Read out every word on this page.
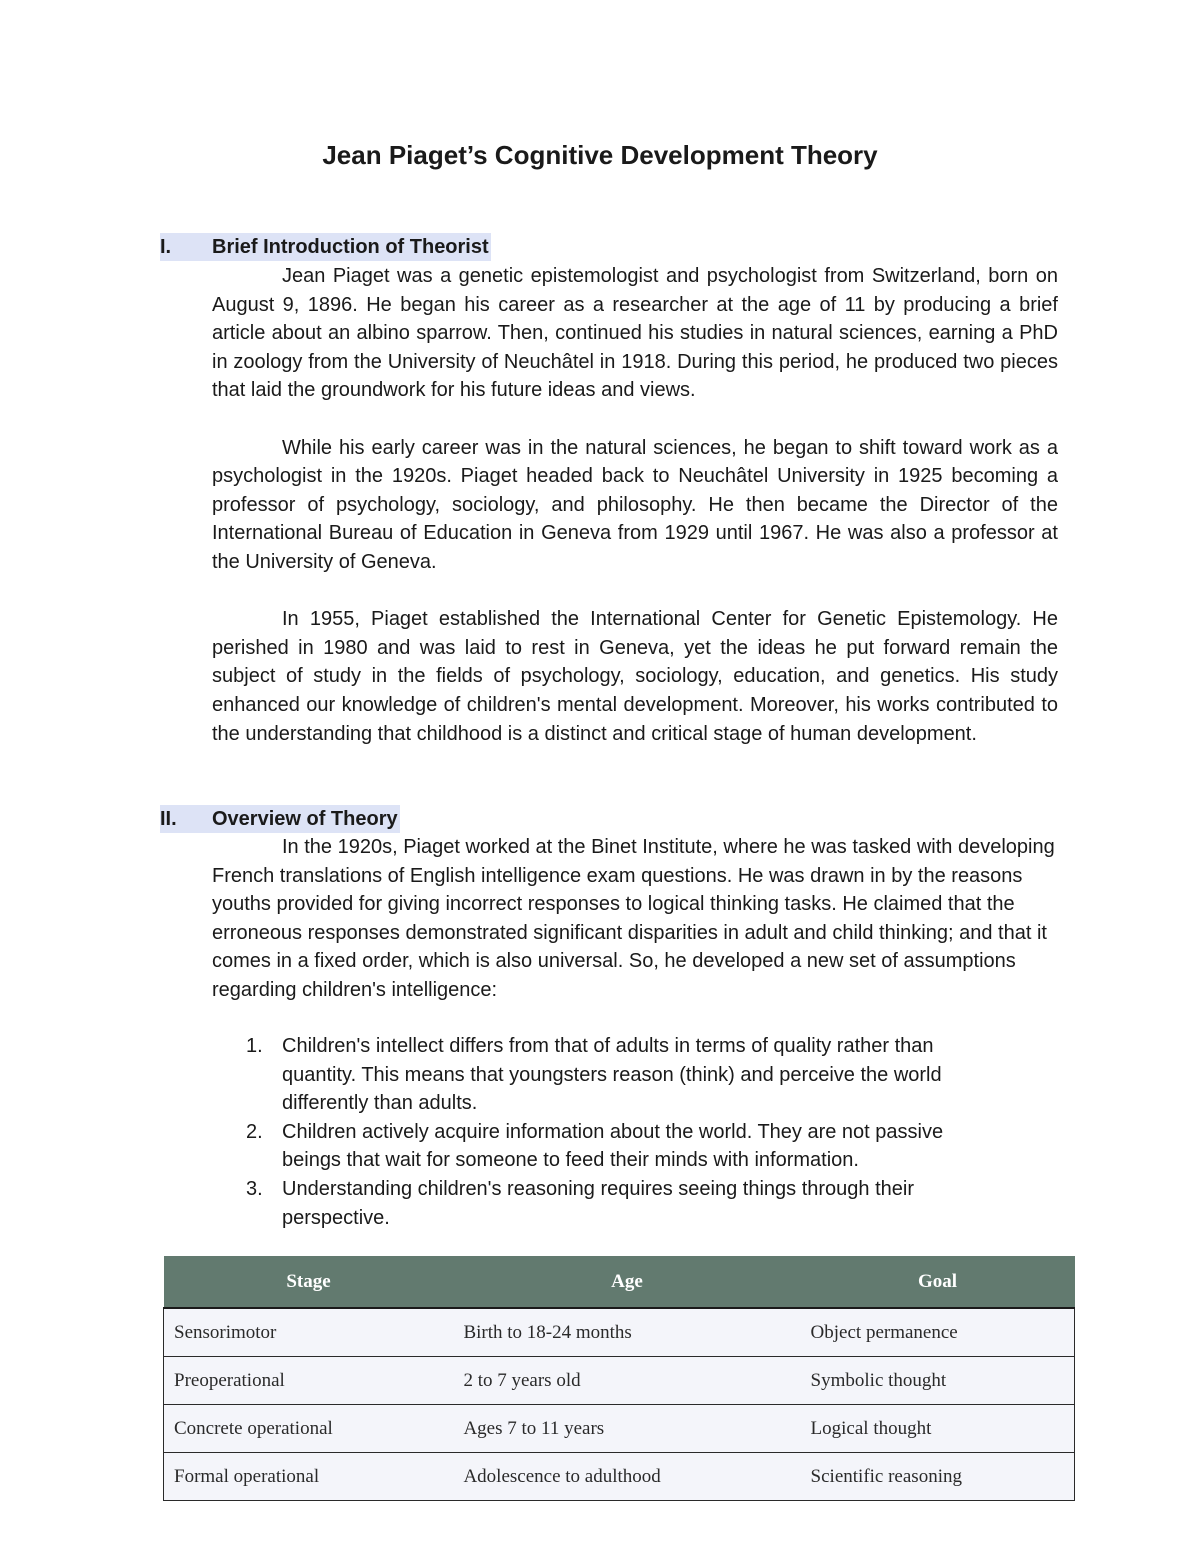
Jean Piaget’s Cognitive Development Theory
I. Brief Introduction of Theorist

Jean Piaget was a genetic epistemologist and psychologist from Switzerland, born on August 9, 1896. He began his career as a researcher at the age of 11 by producing a brief article about an albino sparrow. Then, continued his studies in natural sciences, earning a PhD in zoology from the University of Neuchâtel in 1918. During this period, he produced two pieces that laid the groundwork for his future ideas and views.

While his early career was in the natural sciences, he began to shift toward work as a psychologist in the 1920s. Piaget headed back to Neuchâtel University in 1925 becoming a professor of psychology, sociology, and philosophy. He then became the Director of the International Bureau of Education in Geneva from 1929 until 1967. He was also a professor at the University of Geneva.

In 1955, Piaget established the International Center for Genetic Epistemology. He perished in 1980 and was laid to rest in Geneva, yet the ideas he put forward remain the subject of study in the fields of psychology, sociology, education, and genetics. His study enhanced our knowledge of children's mental development. Moreover, his works contributed to the understanding that childhood is a distinct and critical stage of human development.

II. Overview of Theory

In the 1920s, Piaget worked at the Binet Institute, where he was tasked with developing French translations of English intelligence exam questions. He was drawn in by the reasons youths provided for giving incorrect responses to logical thinking tasks. He claimed that the erroneous responses demonstrated significant disparities in adult and child thinking; and that it comes in a fixed order, which is also universal. So, he developed a new set of assumptions regarding children's intelligence:

1. Children's intellect differs from that of adults in terms of quality rather than quantity. This means that youngsters reason (think) and perceive the world differently than adults.
2. Children actively acquire information about the world. They are not passive beings that wait for someone to feed their minds with information.
3. Understanding children's reasoning requires seeing things through their perspective.
Stage	Age	Goal
Sensorimotor	Birth to 18-24 months	Object permanence
Preoperational	2 to 7 years old	Symbolic thought
Concrete operational	Ages 7 to 11 years	Logical thought
Formal operational	Adolescence to adulthood	Scientific reasoning
